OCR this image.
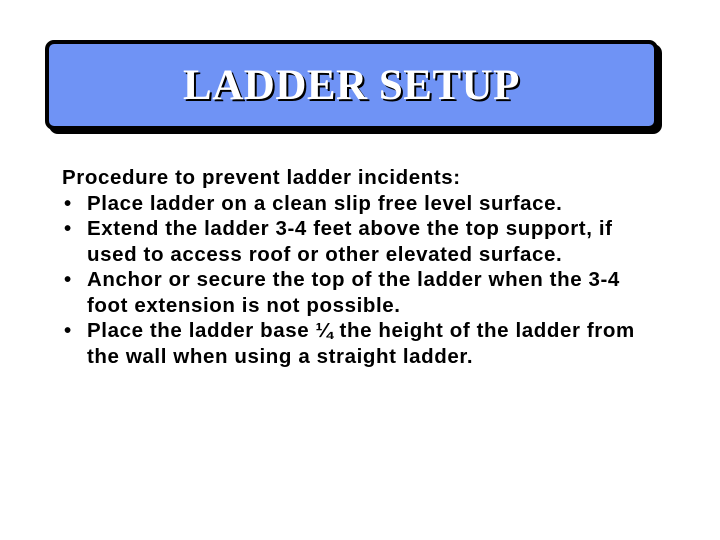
LADDER SETUP

Procedure to prevent ladder incidents:

• Place ladder on a clean slip free level surface.
• Extend the ladder 3-4 feet above the top support, if used to access roof or other elevated surface.
• Anchor or secure the top of the ladder when the 3-4 foot extension is not possible.
• Place the ladder base ¼ the height of the ladder from the wall when using a straight ladder.
